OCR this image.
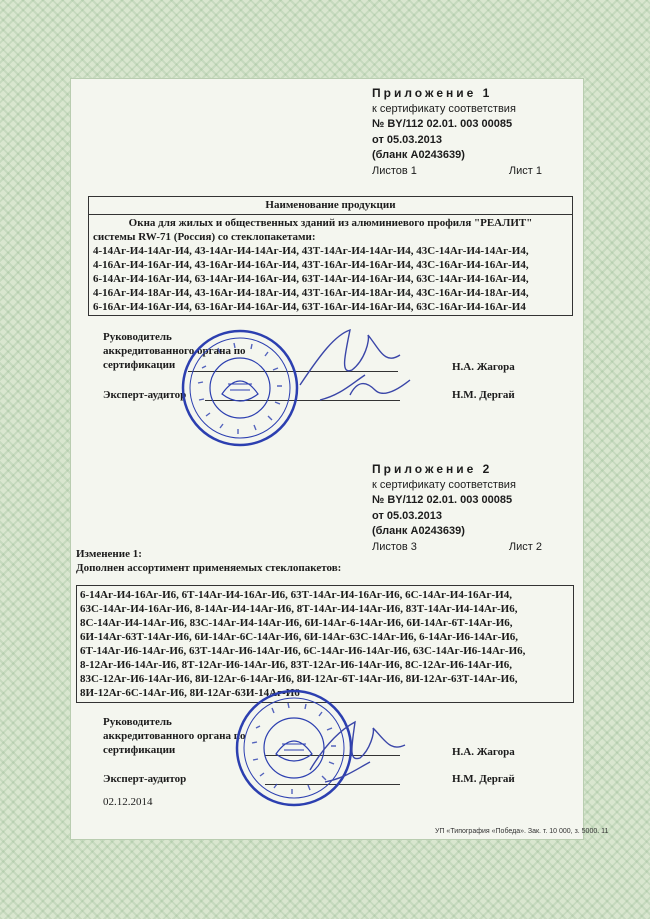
Приложение 1
к сертификату соответствия
№ BY/112 02.01. 003 00085
от 05.03.2013
(бланк A0243639)
Листов 1	Лист 1
Наименование продукции
Окна для жилых и общественных зданий из алюминиевого профиля "РЕАЛИТ"
системы RW-71 (Россия) со стеклопакетами:
4-14Аг-И4-14Аг-И4, 43-14Аг-И4-14Аг-И4, 43Т-14Аг-И4-14Аг-И4, 43С-14Аг-И4-14Аг-И4,
4-16Аг-И4-16Аг-И4, 43-16Аг-И4-16Аг-И4, 43Т-16Аг-И4-16Аг-И4, 43С-16Аг-И4-16Аг-И4,
6-14Аг-И4-16Аг-И4, 63-14Аг-И4-16Аг-И4, 63Т-14Аг-И4-16Аг-И4, 63С-14Аг-И4-16Аг-И4,
4-16Аг-И4-18Аг-И4, 43-16Аг-И4-18Аг-И4, 43Т-16Аг-И4-18Аг-И4, 43С-16Аг-И4-18Аг-И4,
6-16Аг-И4-16Аг-И4, 63-16Аг-И4-16Аг-И4, 63Т-16Аг-И4-16Аг-И4, 63С-16Аг-И4-16Аг-И4
Руководитель
аккредитованного органа по
сертификации	Н.А. Жагора
Эксперт-аудитор	Н.М. Дергай
Приложение 2
к сертификату соответствия
№ BY/112 02.01. 003 00085
от 05.03.2013
(бланк A0243639)
Листов 3	Лист 2
Изменение 1:
Дополнен ассортимент применяемых стеклопакетов:
6-14Аг-И4-16Аг-И6, 6Т-14Аг-И4-16Аг-И6, 63Т-14Аг-И4-16Аг-И6, 6С-14Аг-И4-16Аг-И4,
63С-14Аг-И4-16Аг-И6, 8-14Аг-И4-14Аг-И6, 8Т-14Аг-И4-14Аг-И6, 83Т-14Аг-И4-14Аг-И6,
8С-14Аг-И4-14Аг-И6, 83С-14Аг-И4-14Аг-И6, 6И-14Аг-6-14Аг-И6, 6И-14Аг-6Т-14Аг-И6,
6И-14Аг-63Т-14Аг-И6, 6И-14Аг-6С-14Аг-И6, 6И-14Аг-63С-14Аг-И6, 6-14Аг-И6-14Аг-И6,
6Т-14Аг-И6-14Аг-И6, 63Т-14Аг-И6-14Аг-И6, 6С-14Аг-И6-14Аг-И6, 63С-14Аг-И6-14Аг-И6,
8-12Аг-И6-14Аг-И6, 8Т-12Аг-И6-14Аг-И6, 83Т-12Аг-И6-14Аг-И6, 8С-12Аг-И6-14Аг-И6,
83С-12Аг-И6-14Аг-И6, 8И-12Аг-6-14Аг-И6, 8И-12Аг-6Т-14Аг-И6, 8И-12Аг-63Т-14Аг-И6,
8И-12Аг-6С-14Аг-И6, 8И-12Аг-63И-14Аг-И6
Руководитель
аккредитованного органа по
сертификации	Н.А. Жагора
Эксперт-аудитор	Н.М. Дергай
02.12.2014
УП «Типография «Победа». Зак. т. 10 000, з. 5000. 11
